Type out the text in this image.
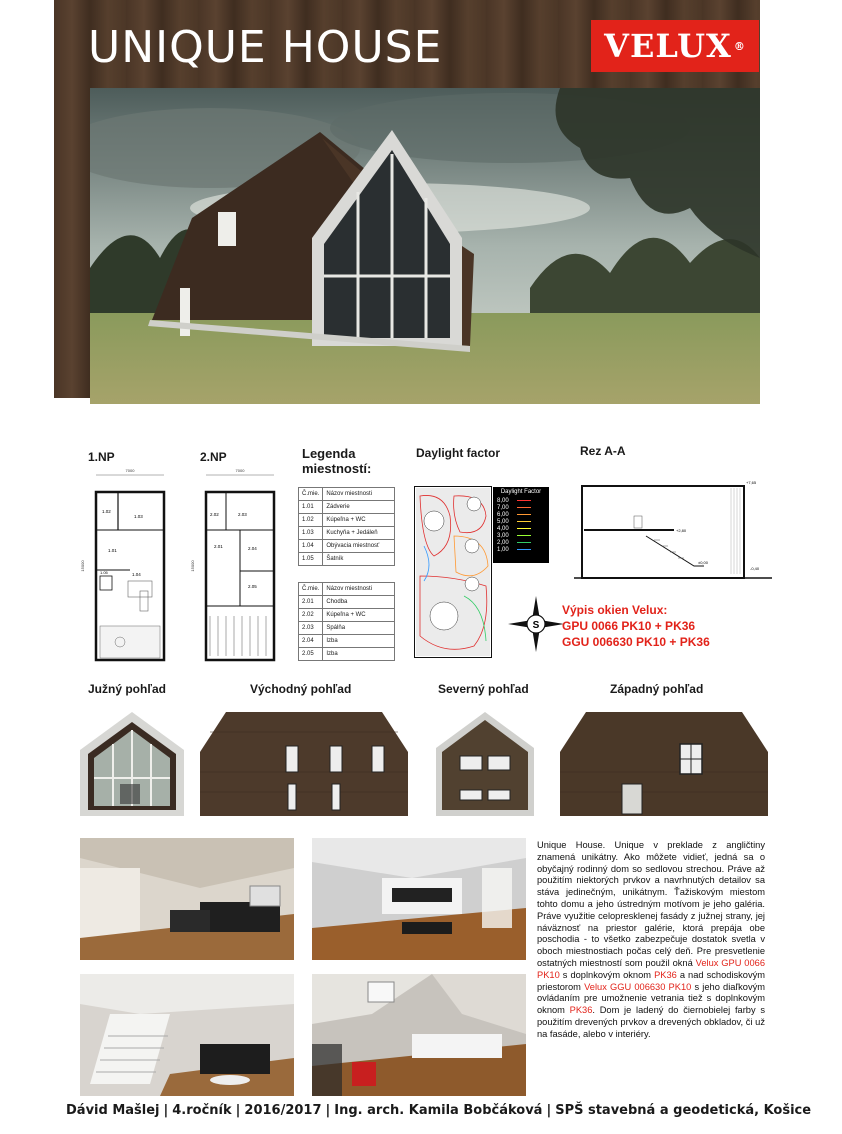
UNIQUE HOUSE	VELUX ®
1.NP	2.NP
7000
15000
1.02
1.03
1.01
1.04
1.05
7000
15000
2.02	2.03
2.01	2.04
2.05
Legenda
miestností:
Č.mie.	Názov miestnosti
1.01	Zádverie
1.02	Kúpeľna + WC
1.03	Kuchyňa + Jedáleň
1.04	Obývacia miestnosť
1.05	Šatník
Č.mie.	Názov miestnosti
2.01	Chodba
2.02	Kúpeľna + WC
2.03	Spálňa
2.04	Izba
2.05	Izba
Daylight factor
Daylight Factor
8,00
7,00
6,00
5,00
4,00
3,00
2,00
1,00
Rez A-A
+7,65
+2,80
±0,00
-0,40
S
Výpis okien Velux:
GPU 0066 PK10 + PK36
GGU 006630 PK10 + PK36
Južný pohľad	Východný pohľad	Severný pohľad	Západný pohľad
Unique House. Unique v preklade z angličtiny znamená unikátny. Ako môžete vidieť, jedná sa o obyčajný rodinný dom so sedlovou strechou. Práve až použitím niektorých prvkov a navrhnutých detailov sa stáva jedinečným, unikátnym. Ťažiskovým miestom tohto domu a jeho ústredným motívom je jeho galéria. Práve využitie celopresklenej fasády z južnej strany, jej náväznosť na priestor galérie, ktorá prepája obe poschodia - to všetko zabezpečuje dostatok svetla v oboch miestnostiach počas celý deň. Pre presvetlenie ostatných miestností som použil okná Velux GPU 0066 PK10 s doplnkovým oknom PK36 a nad schodiskovým priestorom Velux GGU 006630 PK10 s jeho diaľkovým ovládaním pre umožnenie vetrania tiež s doplnkovým oknom PK36. Dom je ladený do čiernobielej farby s použitím drevených prvkov a drevených obkladov, či už na fasáde, alebo v interiéry.
Dávid Mašlej | 4.ročník | 2016/2017 | Ing. arch. Kamila Bobčáková | SPŠ stavebná a geodetická, Košice
